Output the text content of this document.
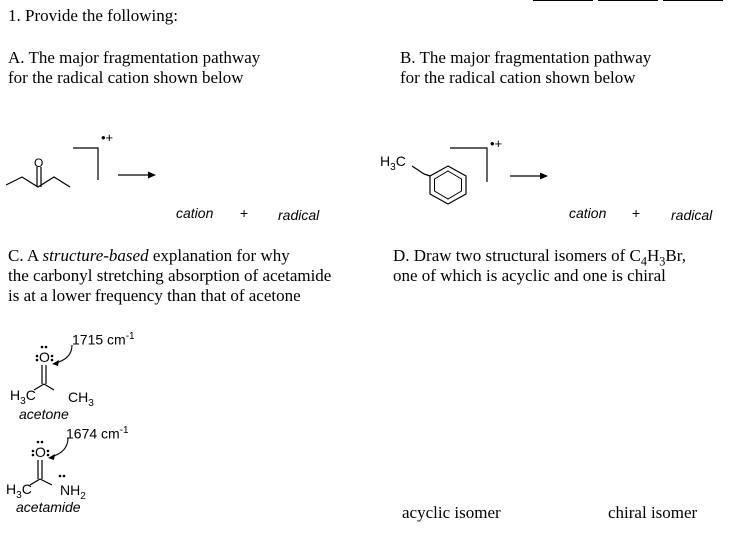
1. Provide the following:
A. The major fragmentation pathway
for the radical cation shown below
O
•+
cation + radical
B. The major fragmentation pathway
for the radical cation shown below
$H_3C$
•+
cation + radical
C. A structure-based explanation for why
the carbonyl stretching absorption of acetamide
is at a lower frequency than that of acetone
1715 $cm^{-1}$
O
$H_3C$ $CH_3$
acetone
1674 $cm^{-1}$
O
$H_3C$ $NH_2$
acetamide
D. Draw two structural isomers of $C_4H_3Br$,
one of which is acyclic and one is chiral
acyclic isomer	chiral isomer
